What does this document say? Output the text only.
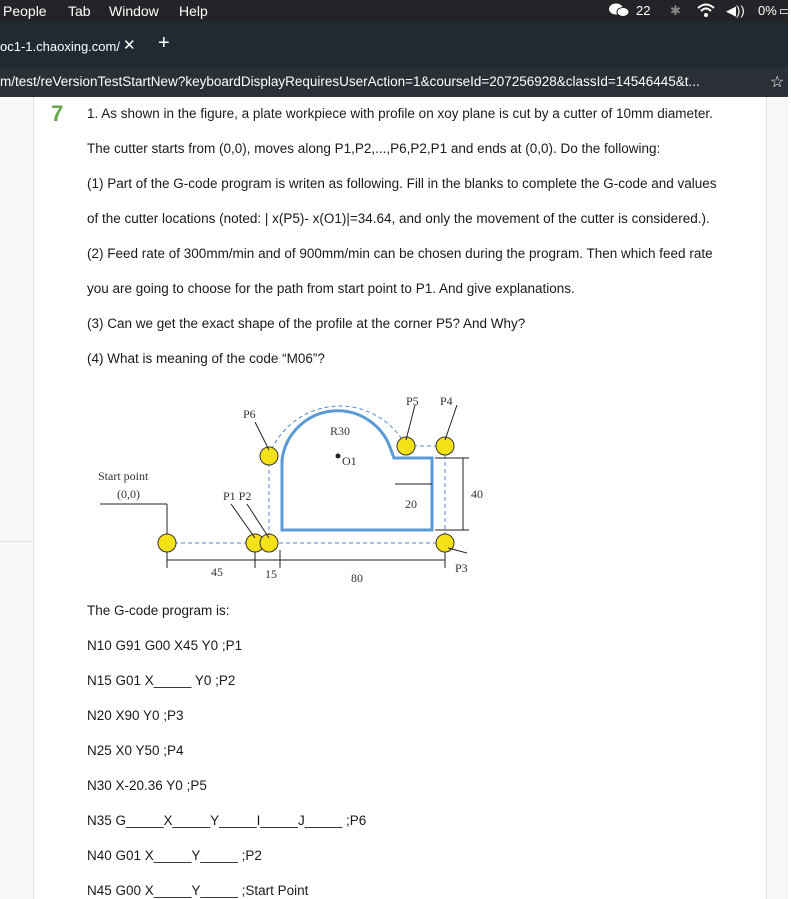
People Tab Window Help	22 ✱	◀)) 0% ▭
oc1-1.chaoxing.com/ ✕ +
m/test/reVersionTestStartNew?keyboardDisplayRequiresUserAction=1&courseId=207256928&classId=14546445&t...	☆
7 1. As shown in the figure, a plate workpiece with profile on xoy plane is cut by a cutter of 10mm diameter.
The cutter starts from (0,0), moves along P1,P2,...,P6,P2,P1 and ends at (0,0). Do the following:
(1) Part of the G-code program is writen as following. Fill in the blanks to complete the G-code and values
of the cutter locations (noted: | x(P5)- x(O1)|=34.64, and only the movement of the cutter is considered.).
(2) Feed rate of 300mm/min and of 900mm/min can be chosen during the program. Then which feed rate
you are going to choose for the path from start point to P1. And give explanations.
(3) Can we get the exact shape of the profile at the corner P5? And Why?
(4) What is meaning of the code “M06”?
P6
P5 P4
R30
O1
Start point
(0,0)	P1 P2
20
40
45	15	80
P3
The G-code program is:
N10 G91 G00 X45 Y0 ;P1
N15 G01 X_____ Y0 ;P2
N20 X90 Y0 ;P3
N25 X0 Y50 ;P4
N30 X-20.36 Y0 ;P5
N35 G_____X_____Y_____I_____J_____ ;P6
N40 G01 X_____Y_____ ;P2
N45 G00 X_____Y_____ ;Start Point
